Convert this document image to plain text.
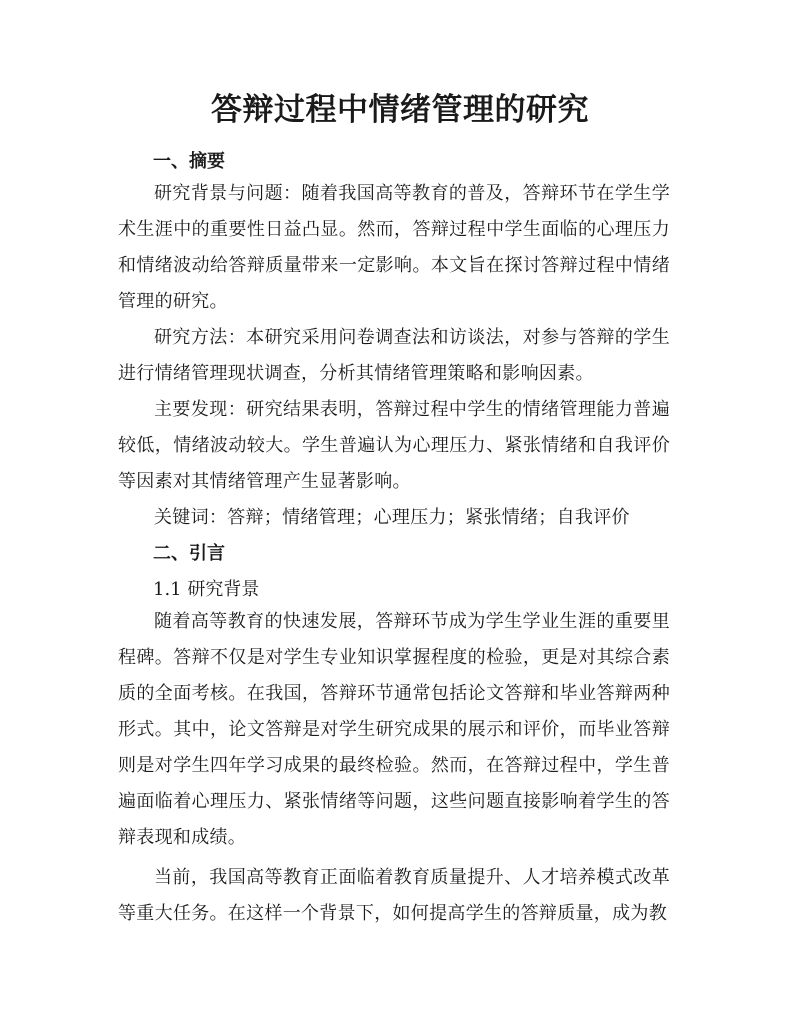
答辩过程中情绪管理的研究
一、摘要
研究背景与问题：随着我国高等教育的普及，答辩环节在学生学术生涯中的重要性日益凸显。然而，答辩过程中学生面临的心理压力和情绪波动给答辩质量带来一定影响。本文旨在探讨答辩过程中情绪管理的研究。
研究方法：本研究采用问卷调查法和访谈法，对参与答辩的学生进行情绪管理现状调查，分析其情绪管理策略和影响因素。
主要发现：研究结果表明，答辩过程中学生的情绪管理能力普遍较低，情绪波动较大。学生普遍认为心理压力、紧张情绪和自我评价等因素对其情绪管理产生显著影响。
关键词：答辩；情绪管理；心理压力；紧张情绪；自我评价
二、引言
1.1 研究背景
随着高等教育的快速发展，答辩环节成为学生学业生涯的重要里程碑。答辩不仅是对学生专业知识掌握程度的检验，更是对其综合素质的全面考核。在我国，答辩环节通常包括论文答辩和毕业答辩两种形式。其中，论文答辩是对学生研究成果的展示和评价，而毕业答辩则是对学生四年学习成果的最终检验。然而，在答辩过程中，学生普遍面临着心理压力、紧张情绪等问题，这些问题直接影响着学生的答辩表现和成绩。
当前，我国高等教育正面临着教育质量提升、人才培养模式改革等重大任务。在这样一个背景下，如何提高学生的答辩质量，成为教
